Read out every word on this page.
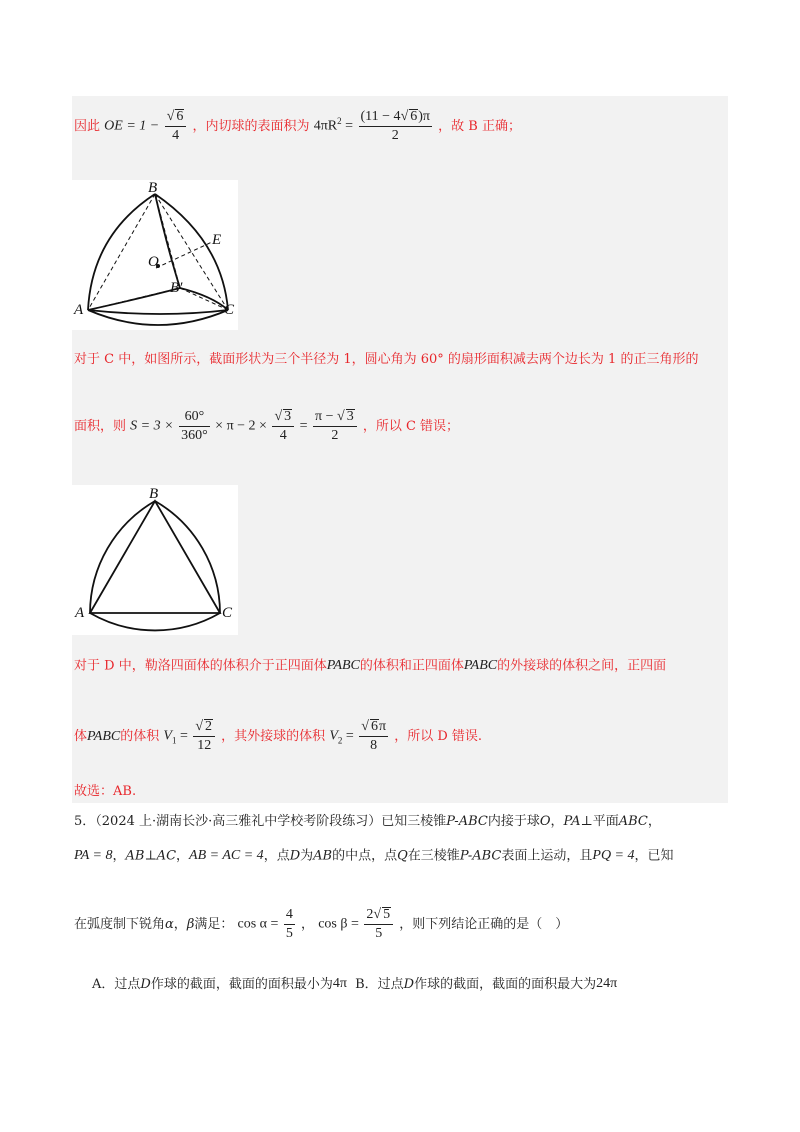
因此 OE = $1 - \frac{√ 6}{4}$ ，内切球的表面积为 $4\pi R^2 = \frac{(11 - 4√ 6)\pi}{2}$ ，故 B 正确；
B
E
O
B′
A	C
对于 C 中，如图所示，截面形状为三个半径为 1，圆心角为 60° 的扇形面积减去两个边长为 1 的正三角形的
面积，则 $S = 3 \times \frac{60^\circ}{360^\circ} \times \pi - 2 \times \frac{√ 3}{4} = \frac{\pi - √ 3}{2}$ ，所以 C 错误；
B
A	C
对于 D 中，勒洛四面体的体积介于正四面体PABC的体积和正四面体PABC的外接球的体积之间，正四面
体PABC的体积 $V_1 = \frac{√ 2}{12}$ ，其外接球的体积 $V_2 = \frac{√ 6\pi}{8}$ ，所以 D 错误.
故选：AB.
5．（2024 上·湖南长沙·高三雅礼中学校考阶段练习）已知三棱锥P-ABC内接于球O，PA⊥平面ABC，
PA = 8，AB⊥AC，AB = AC = 4，点D为AB的中点，点Q在三棱锥P-ABC表面上运动，且PQ = 4，已知
在弧度制下锐角α，β满足： $\cos \alpha = \frac{4}{5}$ ， $\cos \beta = \frac{2√ 5}{5}$ ，则下列结论正确的是（　）
A．过点D作球的截面，截面的面积最小为4π B．过点D作球的截面，截面的面积最大为24π
